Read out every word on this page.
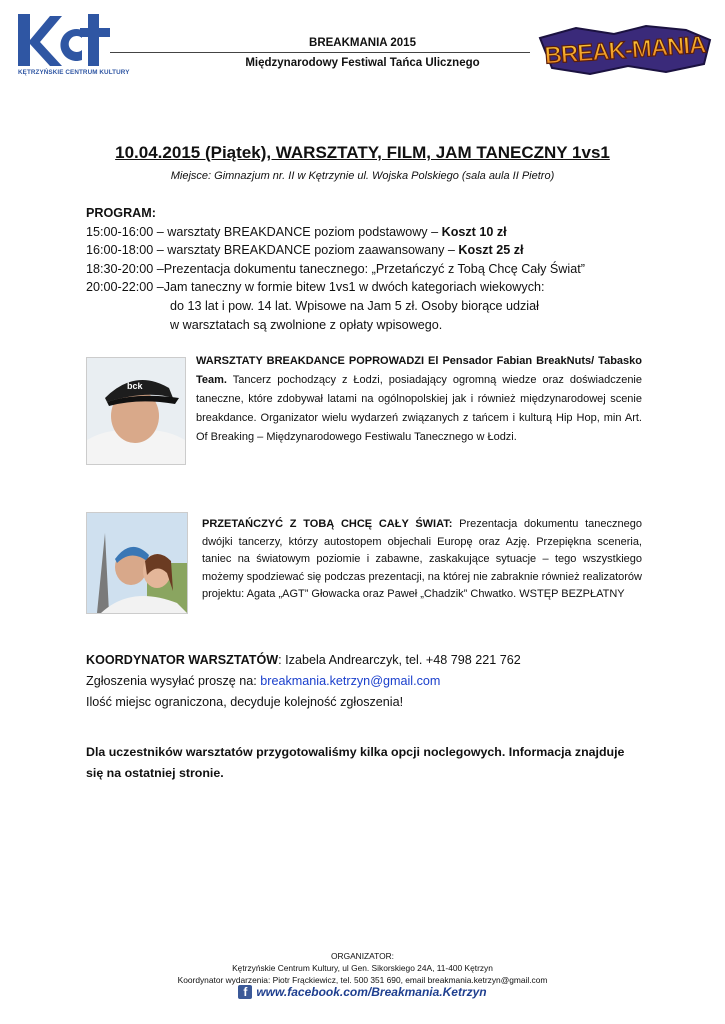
KĘTRZYŃSKIE CENTRUM KULTURY
BREAKMANIA 2015
Międzynarodowy Festiwal Tańca Ulicznego	BREAK-MANIA
10.04.2015 (Piątek), WARSZTATY, FILM, JAM TANECZNY 1vs1
Miejsce: Gimnazjum nr. II w Kętrzynie ul. Wojska Polskiego (sala aula II Pietro)
PROGRAM:
15:00-16:00 – warsztaty BREAKDANCE poziom podstawowy – Koszt 10 zł
16:00-18:00 – warsztaty BREAKDANCE poziom zaawansowany – Koszt 25 zł
18:30-20:00 –Prezentacja dokumentu tanecznego: „Przetańczyć z Tobą Chcę Cały Świat”
20:00-22:00 –Jam taneczny w formie bitew 1vs1 w dwóch kategoriach wiekowych:
do 13 lat i pow. 14 lat. Wpisowe na Jam 5 zł. Osoby biorące udział
w warsztatach są zwolnione z opłaty wpisowego.
bck
WARSZTATY BREAKDANCE POPROWADZI El Pensador Fabian BreakNuts/ Tabasko Team. Tancerz pochodzący z Łodzi, posiadający ogromną wiedze oraz doświadczenie taneczne, które zdobywał latami na ogólnopolskiej jak i również międzynarodowej scenie breakdance. Organizator wielu wydarzeń związanych z tańcem i kulturą Hip Hop, min Art. Of Breaking – Międzynarodowego Festiwalu Tanecznego w Łodzi.
PRZETAŃCZYĆ Z TOBĄ CHCĘ CAŁY ŚWIAT: Prezentacja dokumentu tanecznego dwójki tancerzy, którzy autostopem objechali Europę oraz Azję. Przepiękna sceneria, taniec na światowym poziomie i zabawne, zaskakujące sytuacje – tego wszystkiego możemy spodziewać się podczas prezentacji, na której nie zabraknie również realizatorów projektu: Agata „AGT” Głowacka oraz Paweł „Chadzik” Chwatko. WSTĘP BEZPŁATNY
KOORDYNATOR WARSZTATÓW: Izabela Andrearczyk, tel. +48 798 221 762
Zgłoszenia wysyłać proszę na: breakmania.ketrzyn@gmail.com
Ilość miejsc ograniczona, decyduje kolejność zgłoszenia!
Dla uczestników warsztatów przygotowaliśmy kilka opcji noclegowych. Informacja znajduje się na ostatniej stronie.
ORGANIZATOR:
Kętrzyńskie Centrum Kultury, ul Gen. Sikorskiego 24A, 11-400 Kętrzyn
Koordynator wydarzenia: Piotr Frąckiewicz, tel. 500 351 690, email breakmania.ketrzyn@gmail.com
f www.facebook.com/Breakmania.Ketrzyn
